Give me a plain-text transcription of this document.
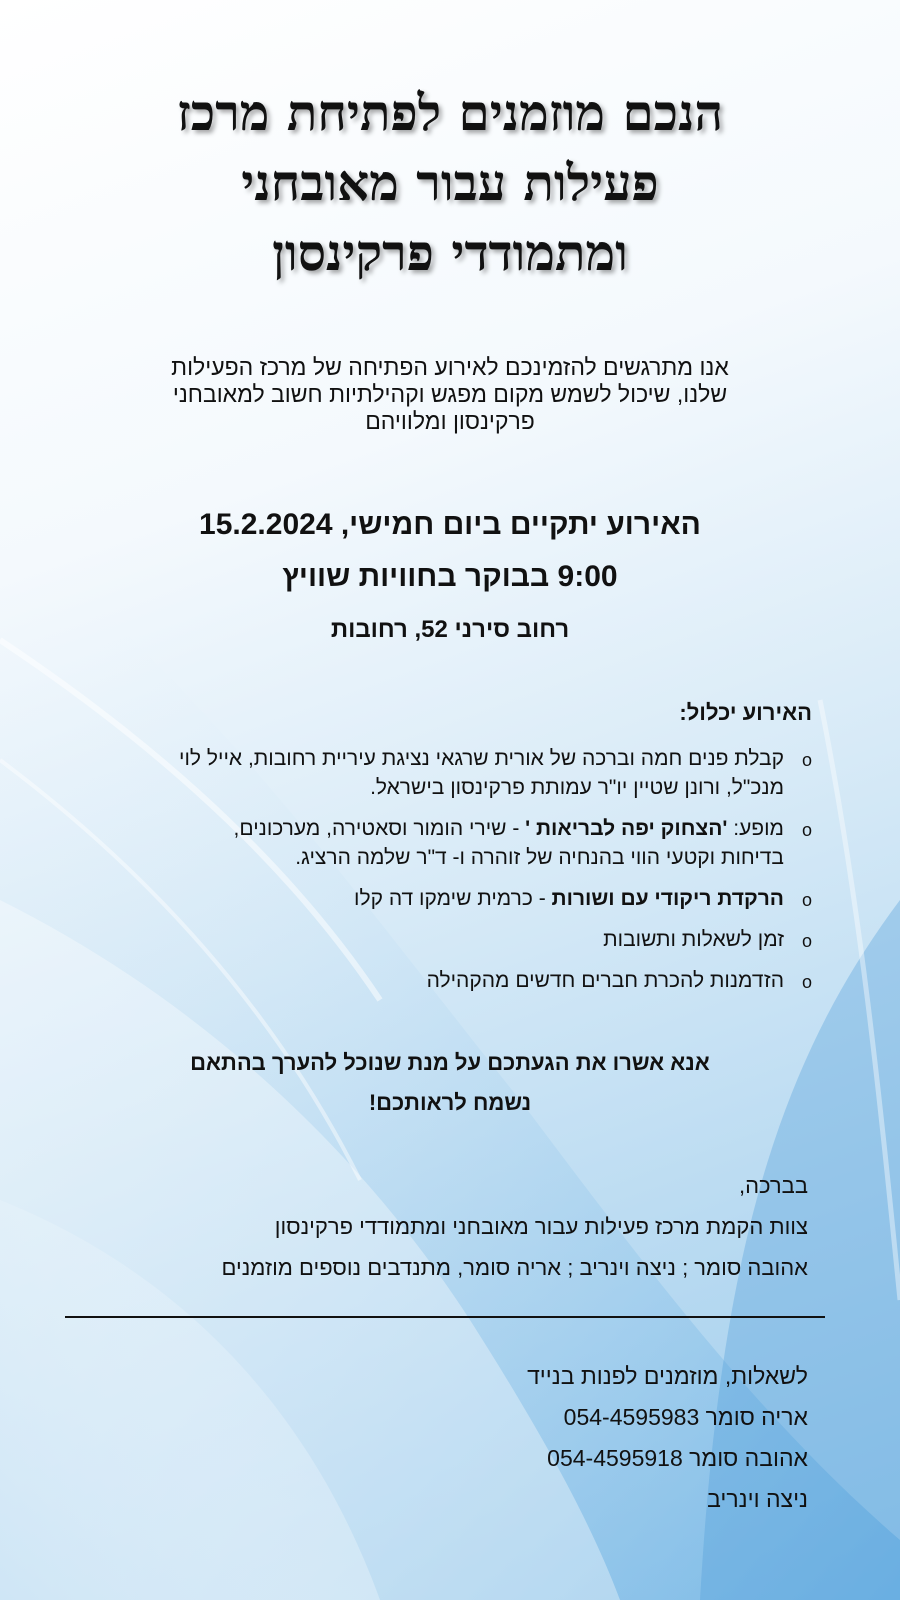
הנכם מוזמנים לפתיחת מרכז
פעילות עבור מאובחני
ומתמודדי פרקינסון
אנו מתרגשים להזמינכם לאירוע הפתיחה של מרכז הפעילות
שלנו, שיכול לשמש מקום מפגש וקהילתיות חשוב למאובחני
פרקינסון ומלוויהם
האירוע יתקיים ביום חמישי, 15.2.2024
9:00 בבוקר בחוויות שוויץ
רחוב סירני 52, רחובות
האירוע יכלול:
o
קבלת פנים חמה וברכה של אורית שרגאי נציגת עיריית רחובות, אייל לוי
מנכ"ל, ורונן שטיין יו"ר עמותת פרקינסון בישראל.
o
מופע: 'הצחוק יפה לבריאות ' - שירי הומור וסאטירה, מערכונים,
בדיחות וקטעי הווי בהנחיה של זוהרה ו- ד"ר שלמה הרציג.
o
הרקדת ריקודי עם ושורות - כרמית שימקו דה קלו
o
זמן לשאלות ותשובות
o
הזדמנות להכרת חברים חדשים מהקהילה
אנא אשרו את הגעתכם על מנת שנוכל להערך בהתאם
נשמח לראותכם!
בברכה,
צוות הקמת מרכז פעילות עבור מאובחני ומתמודדי פרקינסון
אהובה סומר ; ניצה וינריב ; אריה סומר, מתנדבים נוספים מוזמנים
לשאלות, מוזמנים לפנות בנייד
אריה סומר 054-4595983
אהובה סומר 054-4595918
ניצה וינריב
